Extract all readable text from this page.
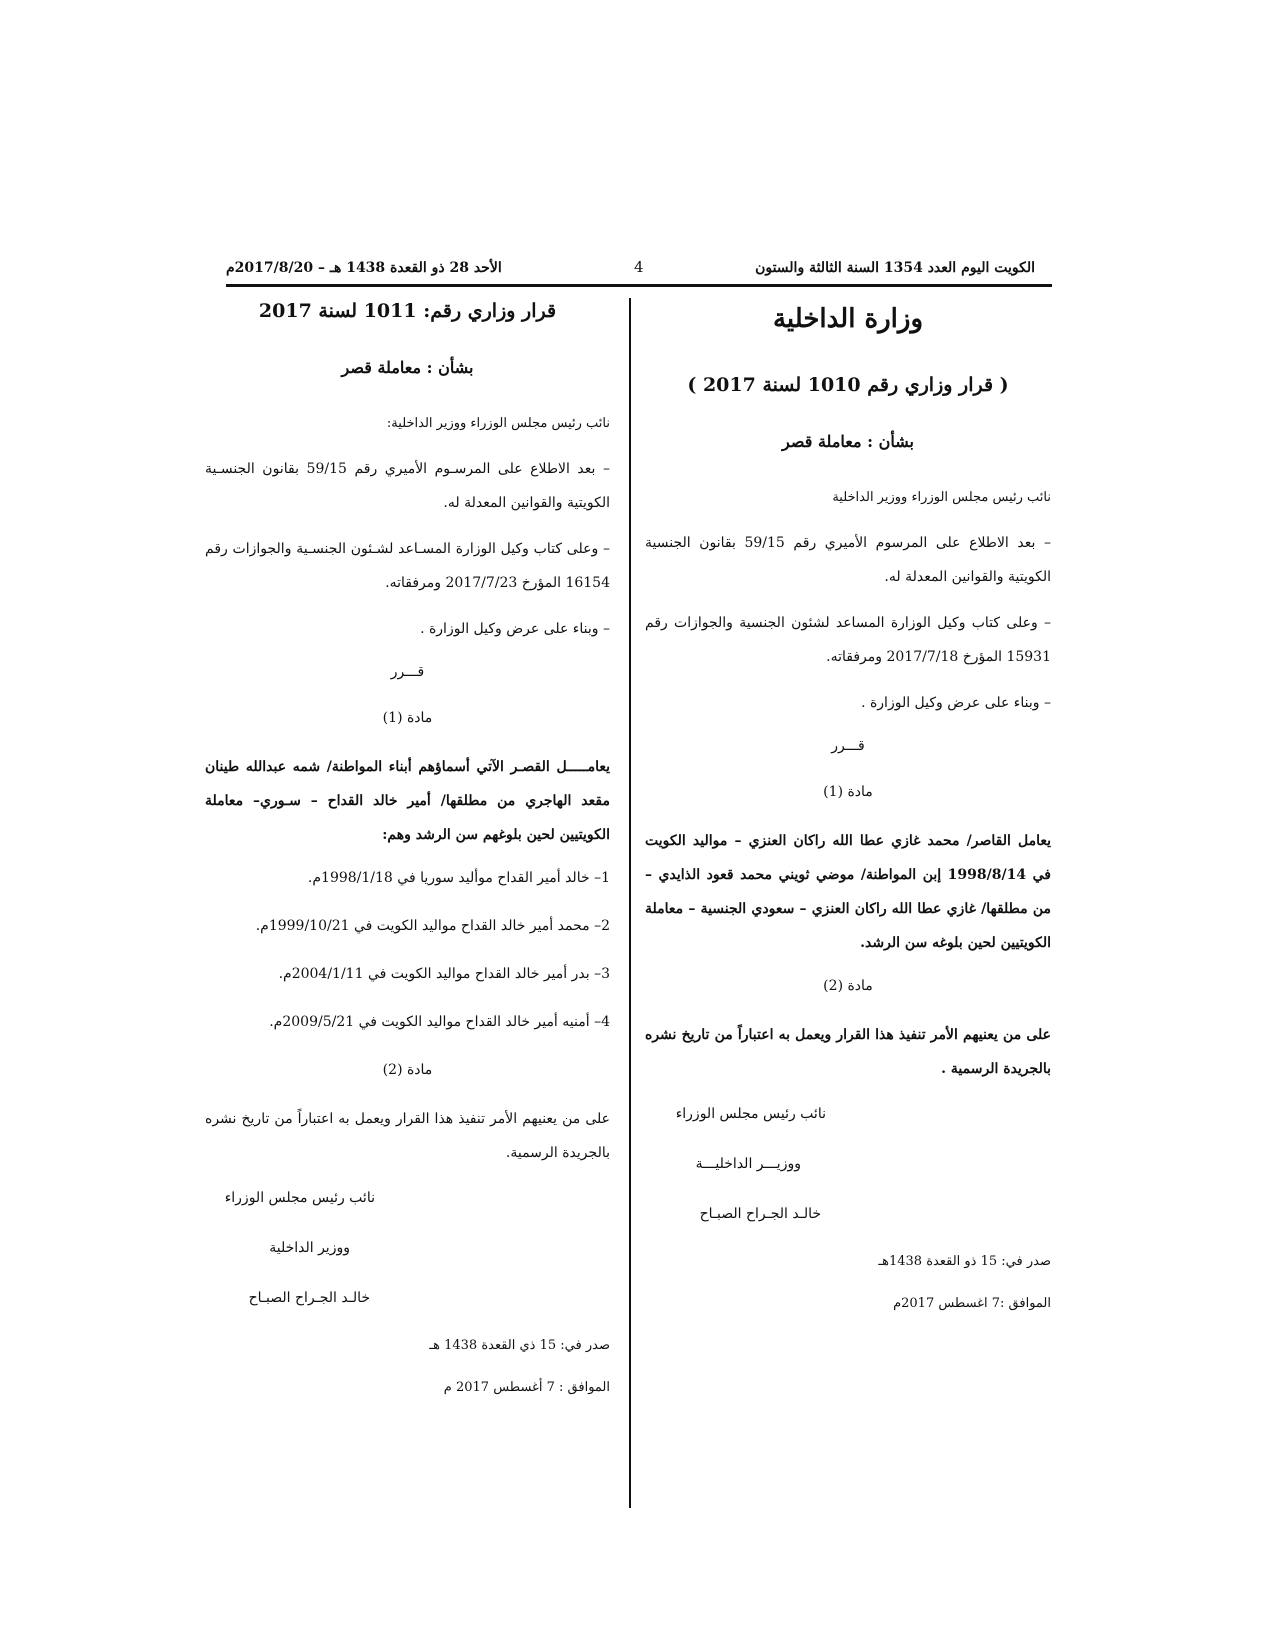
الكويت اليوم العدد 1354 السنة الثالثة والستون
4
الأحد 28 ذو القعدة 1438 هـ – 2017/8/20م
وزارة الداخلية
( قرار وزاري رقم 1010 لسنة 2017 )
بشأن : معاملة قصر
نائب رئيس مجلس الوزراء ووزير الداخلية
– بعد الاطلاع على المرسوم الأميري رقم 59/15 بقانون الجنسية الكويتية والقوانين المعدلة له.
– وعلى كتاب وكيل الوزارة المساعد لشئون الجنسية والجوازات رقم 15931 المؤرخ 2017/7/18 ومرفقاته.
– وبناء على عرض وكيل الوزارة .
قـــرر
مادة (1)
يعامل القاصر/ محمد غازي عطا الله راكان العنزي – مواليد الكويت في 1998/8/14 إبن المواطنة/ موضي ثويني محمد قعود الذايدي – من مطلقها/ غازي عطا الله راكان العنزي – سعودي الجنسية – معاملة الكويتيين لحين بلوغه سن الرشد.
مادة (2)
على من يعنيهم الأمر تنفيذ هذا القرار ويعمل به اعتباراً من تاريخ نشره بالجريدة الرسمية .
نائب رئيس مجلس الوزراء
ووزيـــر الداخليـــة
خالـد الجـراح الصبـاح
صدر في: 15 ذو القعدة 1438هـ
الموافق :7 اغسطس 2017م
قرار وزاري رقم: 1011 لسنة 2017
بشأن : معاملة قصر
نائب رئيس مجلس الوزراء ووزير الداخلية:
– بعد الاطلاع على المرسـوم الأميري رقم 59/15 بقانون الجنسـية الكويتية والقوانين المعدلة له.
– وعلى كتاب وكيل الوزارة المسـاعد لشـئون الجنسـية والجوازات رقم 16154 المؤرخ 2017/7/23 ومرفقاته.
– وبناء على عرض وكيل الوزارة .
قـــرر
مادة (1)
يعامـــــل القصـر الآتي أسماؤهم أبناء المواطنة/ شمه عبدالله طينان مقعد الهاجري من مطلقها/ أمير خالد القداح – سـوري– معاملة الكويتيين لحين بلوغهم سن الرشد وهم:
1– خالد أمير القداح موأليد سوريا في 1998/1/18م.
2– محمد أمير خالد القداح مواليد الكويت في 1999/10/21م.
3– بدر أمير خالد القداح مواليد الكويت في 2004/1/11م.
4– أمنيه أمير خالد القداح مواليد الكويت في 2009/5/21م.
مادة (2)
على من يعنيهم الأمر تنفيذ هذا القرار ويعمل به اعتباراً من تاريخ نشره بالجريدة الرسمية.
نائب رئيس مجلس الوزراء
ووزير الداخلية
خالـد الجـراح الصبـاح
صدر في: 15 ذي القعدة 1438 هـ
الموافق : 7 أغسطس 2017 م
